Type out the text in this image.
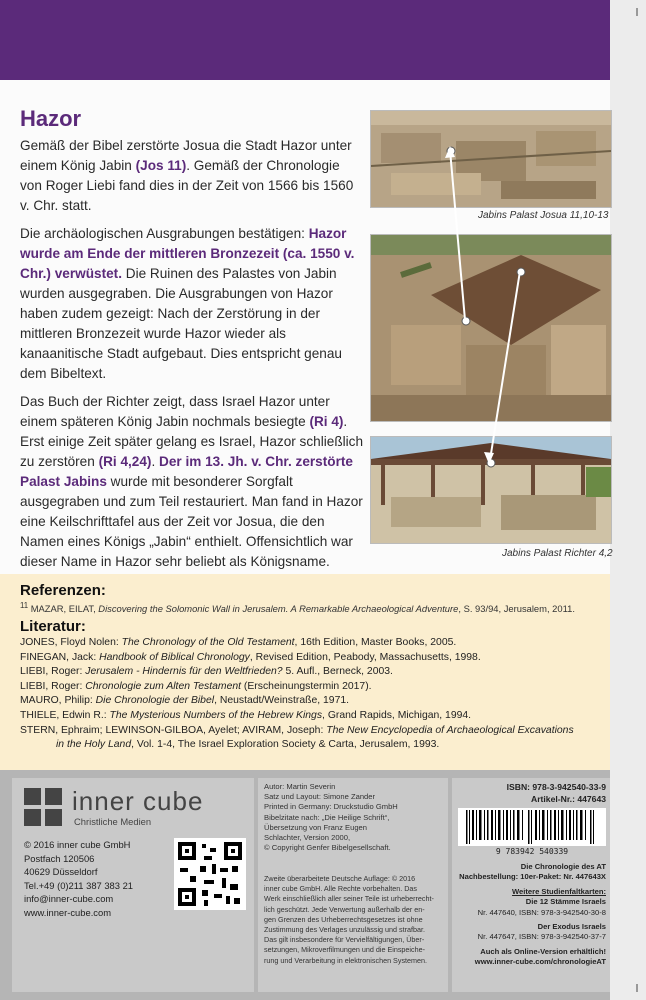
Hazor

Gemäß der Bibel zerstörte Josua die Stadt Hazor unter einem König Jabin (Jos 11). Gemäß der Chronologie von Roger Liebi fand dies in der Zeit von 1566 bis 1560 v. Chr. statt.

Die archäologischen Ausgrabungen bestätigen: Hazor wurde am Ende der mittleren Bronzezeit (ca. 1550 v. Chr.) verwüstet. Die Ruinen des Palastes von Jabin wurden ausgegraben. Die Ausgrabungen von Hazor haben zudem gezeigt: Nach der Zerstörung in der mittleren Bronzezeit wurde Hazor wieder als kanaanitische Stadt aufgebaut. Dies entspricht genau dem Bibeltext.

Das Buch der Richter zeigt, dass Israel Hazor unter einem späteren König Jabin nochmals besiegte (Ri 4). Erst einige Zeit später gelang es Israel, Hazor schließlich zu zerstören (Ri 4,24). Der im 13. Jh. v. Chr. zerstörte Palast Jabins wurde mit besonderer Sorgfalt ausgegraben und zum Teil restauriert. Man fand in Hazor eine Keilschrifttafel aus der Zeit vor Josua, die den Namen eines Königs „Jabin“ enthielt. Offensichtlich war dieser Name in Hazor sehr beliebt als Königsname.

Jabins Palast Josua 11,10-13
Jabins Palast Richter 4,2
Referenzen:
$^{11}$ MAZAR, EILAT, Discovering the Solomonic Wall in Jerusalem. A Remarkable Archaeological Adventure, S. 93/94, Jerusalem, 2011.
Literatur:
JONES, Floyd Nolen: The Chronology of the Old Testament, 16th Edition, Master Books, 2005.
FINEGAN, Jack: Handbook of Biblical Chronology, Revised Edition, Peabody, Massachusetts, 1998.
LIEBI, Roger: Jerusalem - Hindernis für den Weltfrieden? 5. Aufl., Berneck, 2003.
LIEBI, Roger: Chronologie zum Alten Testament (Erscheinungstermin 2017).
MAURO, Philip: Die Chronologie der Bibel, Neustadt/Weinstraße, 1971.
THIELE, Edwin R.: The Mysterious Numbers of the Hebrew Kings, Grand Rapids, Michigan, 1994.
STERN, Ephraim; LEWINSON-GILBOA, Ayelet; AVIRAM, Joseph: The New Encyclopedia of Archaeological Excavations
in the Holy Land, Vol. 1-4, The Israel Exploration Society & Carta, Jerusalem, 1993.
inner cube
Christliche Medien
© 2016 inner cube GmbH
Postfach 120506
40629 Düsseldorf
Tel.+49 (0)211 387 383 21
info@inner-cube.com
www.inner-cube.com
Autor: Martin Severin
Satz und Layout: Simone Zander
Printed in Germany: Druckstudio GmbH
Bibelzitate nach: „Die Heilige Schrift“,
Übersetzung von Franz Eugen
Schlachter, Version 2000,
© Copyright Genfer Bibelgesellschaft.
Zweite überarbeitete Deutsche Auflage: © 2016
inner cube GmbH. Alle Rechte vorbehalten. Das
Werk einschließlich aller seiner Teile ist urheberrecht-
lich geschützt. Jede Verwertung außerhalb der en-
gen Grenzen des Urheberrechtsgesetzes ist ohne
Zustimmung des Verlages unzulässig und strafbar.
Das gilt insbesondere für Vervielfältigungen, Über-
setzungen, Mikroverfilmungen und die Einspeiche-
rung und Verarbeitung in elektronischen Systemen.
ISBN: 978-3-942540-33-9
Artikel-Nr.: 447643
9 783942 540339
Die Chronologie des AT
Nachbestellung: 10er-Paket: Nr. 447643X
Weitere Studienfaltkarten:
Die 12 Stämme Israels
Nr. 447640, ISBN: 978-3-942540-30-8
Der Exodus Israels
Nr. 447647, ISBN: 978-3-942540-37-7
Auch als Online-Version erhältlich!
www.inner-cube.com/chronologieAT
